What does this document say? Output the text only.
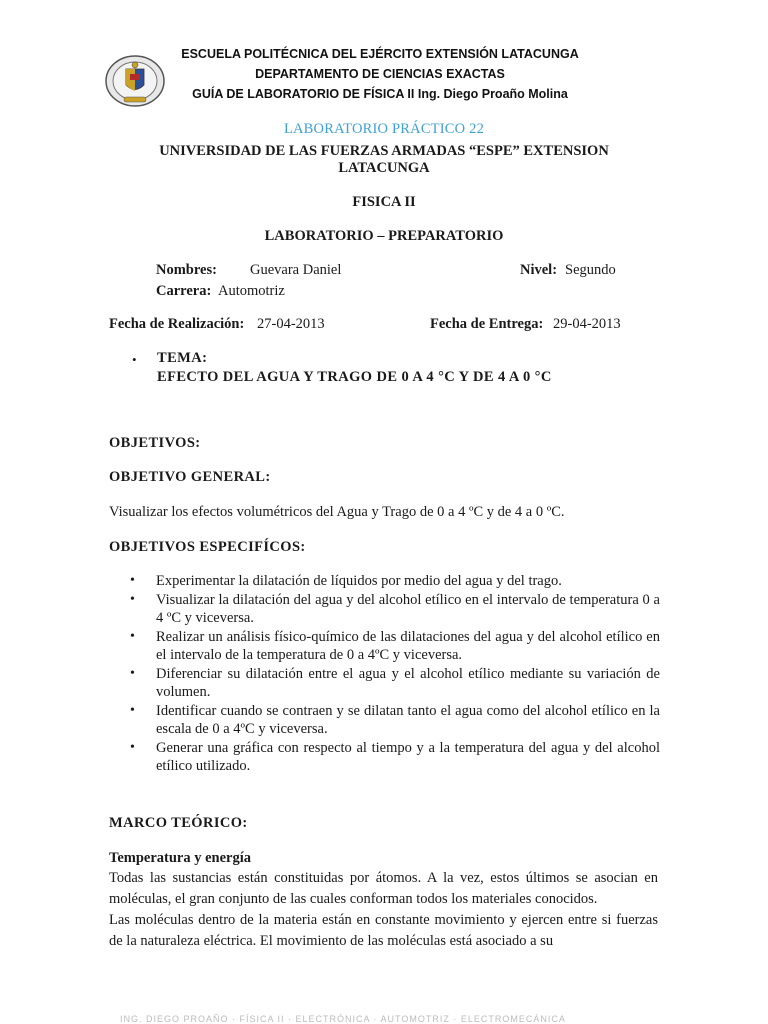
ESCUELA POLITÉCNICA DEL EJÉRCITO EXTENSIÓN LATACUNGA
DEPARTAMENTO DE CIENCIAS EXACTAS
GUÍA DE LABORATORIO DE FÍSICA II Ing. Diego Proaño Molina
LABORATORIO PRÁCTICO 22
UNIVERSIDAD DE LAS FUERZAS ARMADAS “ESPE” EXTENSION LATACUNGA
FISICA II
LABORATORIO – PREPARATORIO
Nombres: Guevara Daniel	Nivel: Segundo
Carrera: Automotriz
Fecha de Realización: 27-04-2013	Fecha de Entrega: 29-04-2013
• TEMA:
EFECTO DEL AGUA Y TRAGO DE 0 A 4 °C Y DE 4 A 0 °C
OBJETIVOS:
OBJETIVO GENERAL:
Visualizar los efectos volumétricos del Agua y Trago de 0 a 4 ºC y de 4 a 0 ºC.
OBJETIVOS ESPECIFÍCOS:
• Experimentar la dilatación de líquidos por medio del agua y del trago.
• Visualizar la dilatación del agua y del alcohol etílico en el intervalo de temperatura 0 a 4 ºC y viceversa.
• Realizar un análisis físico-químico de las dilataciones del agua y del alcohol etílico en el intervalo de la temperatura de 0 a 4ºC y viceversa.
• Diferenciar su dilatación entre el agua y el alcohol etílico mediante su variación de volumen.
• Identificar cuando se contraen y se dilatan tanto el agua como del alcohol etílico en la escala de 0 a 4ºC y viceversa.
• Generar una gráfica con respecto al tiempo y a la temperatura del agua y del alcohol etílico utilizado.
MARCO TEÓRICO:
Temperatura y energía
Todas las sustancias están constituidas por átomos. A la vez, estos últimos se asocian en moléculas, el gran conjunto de las cuales conforman todos los materiales conocidos.
Las moléculas dentro de la materia están en constante movimiento y ejercen entre si fuerzas de la naturaleza eléctrica. El movimiento de las moléculas está asociado a su
ING. DIEGO PROAÑO · FÍSICA II · ELECTRÓNICA · AUTOMOTRIZ · ELECTROMECÁNICA
